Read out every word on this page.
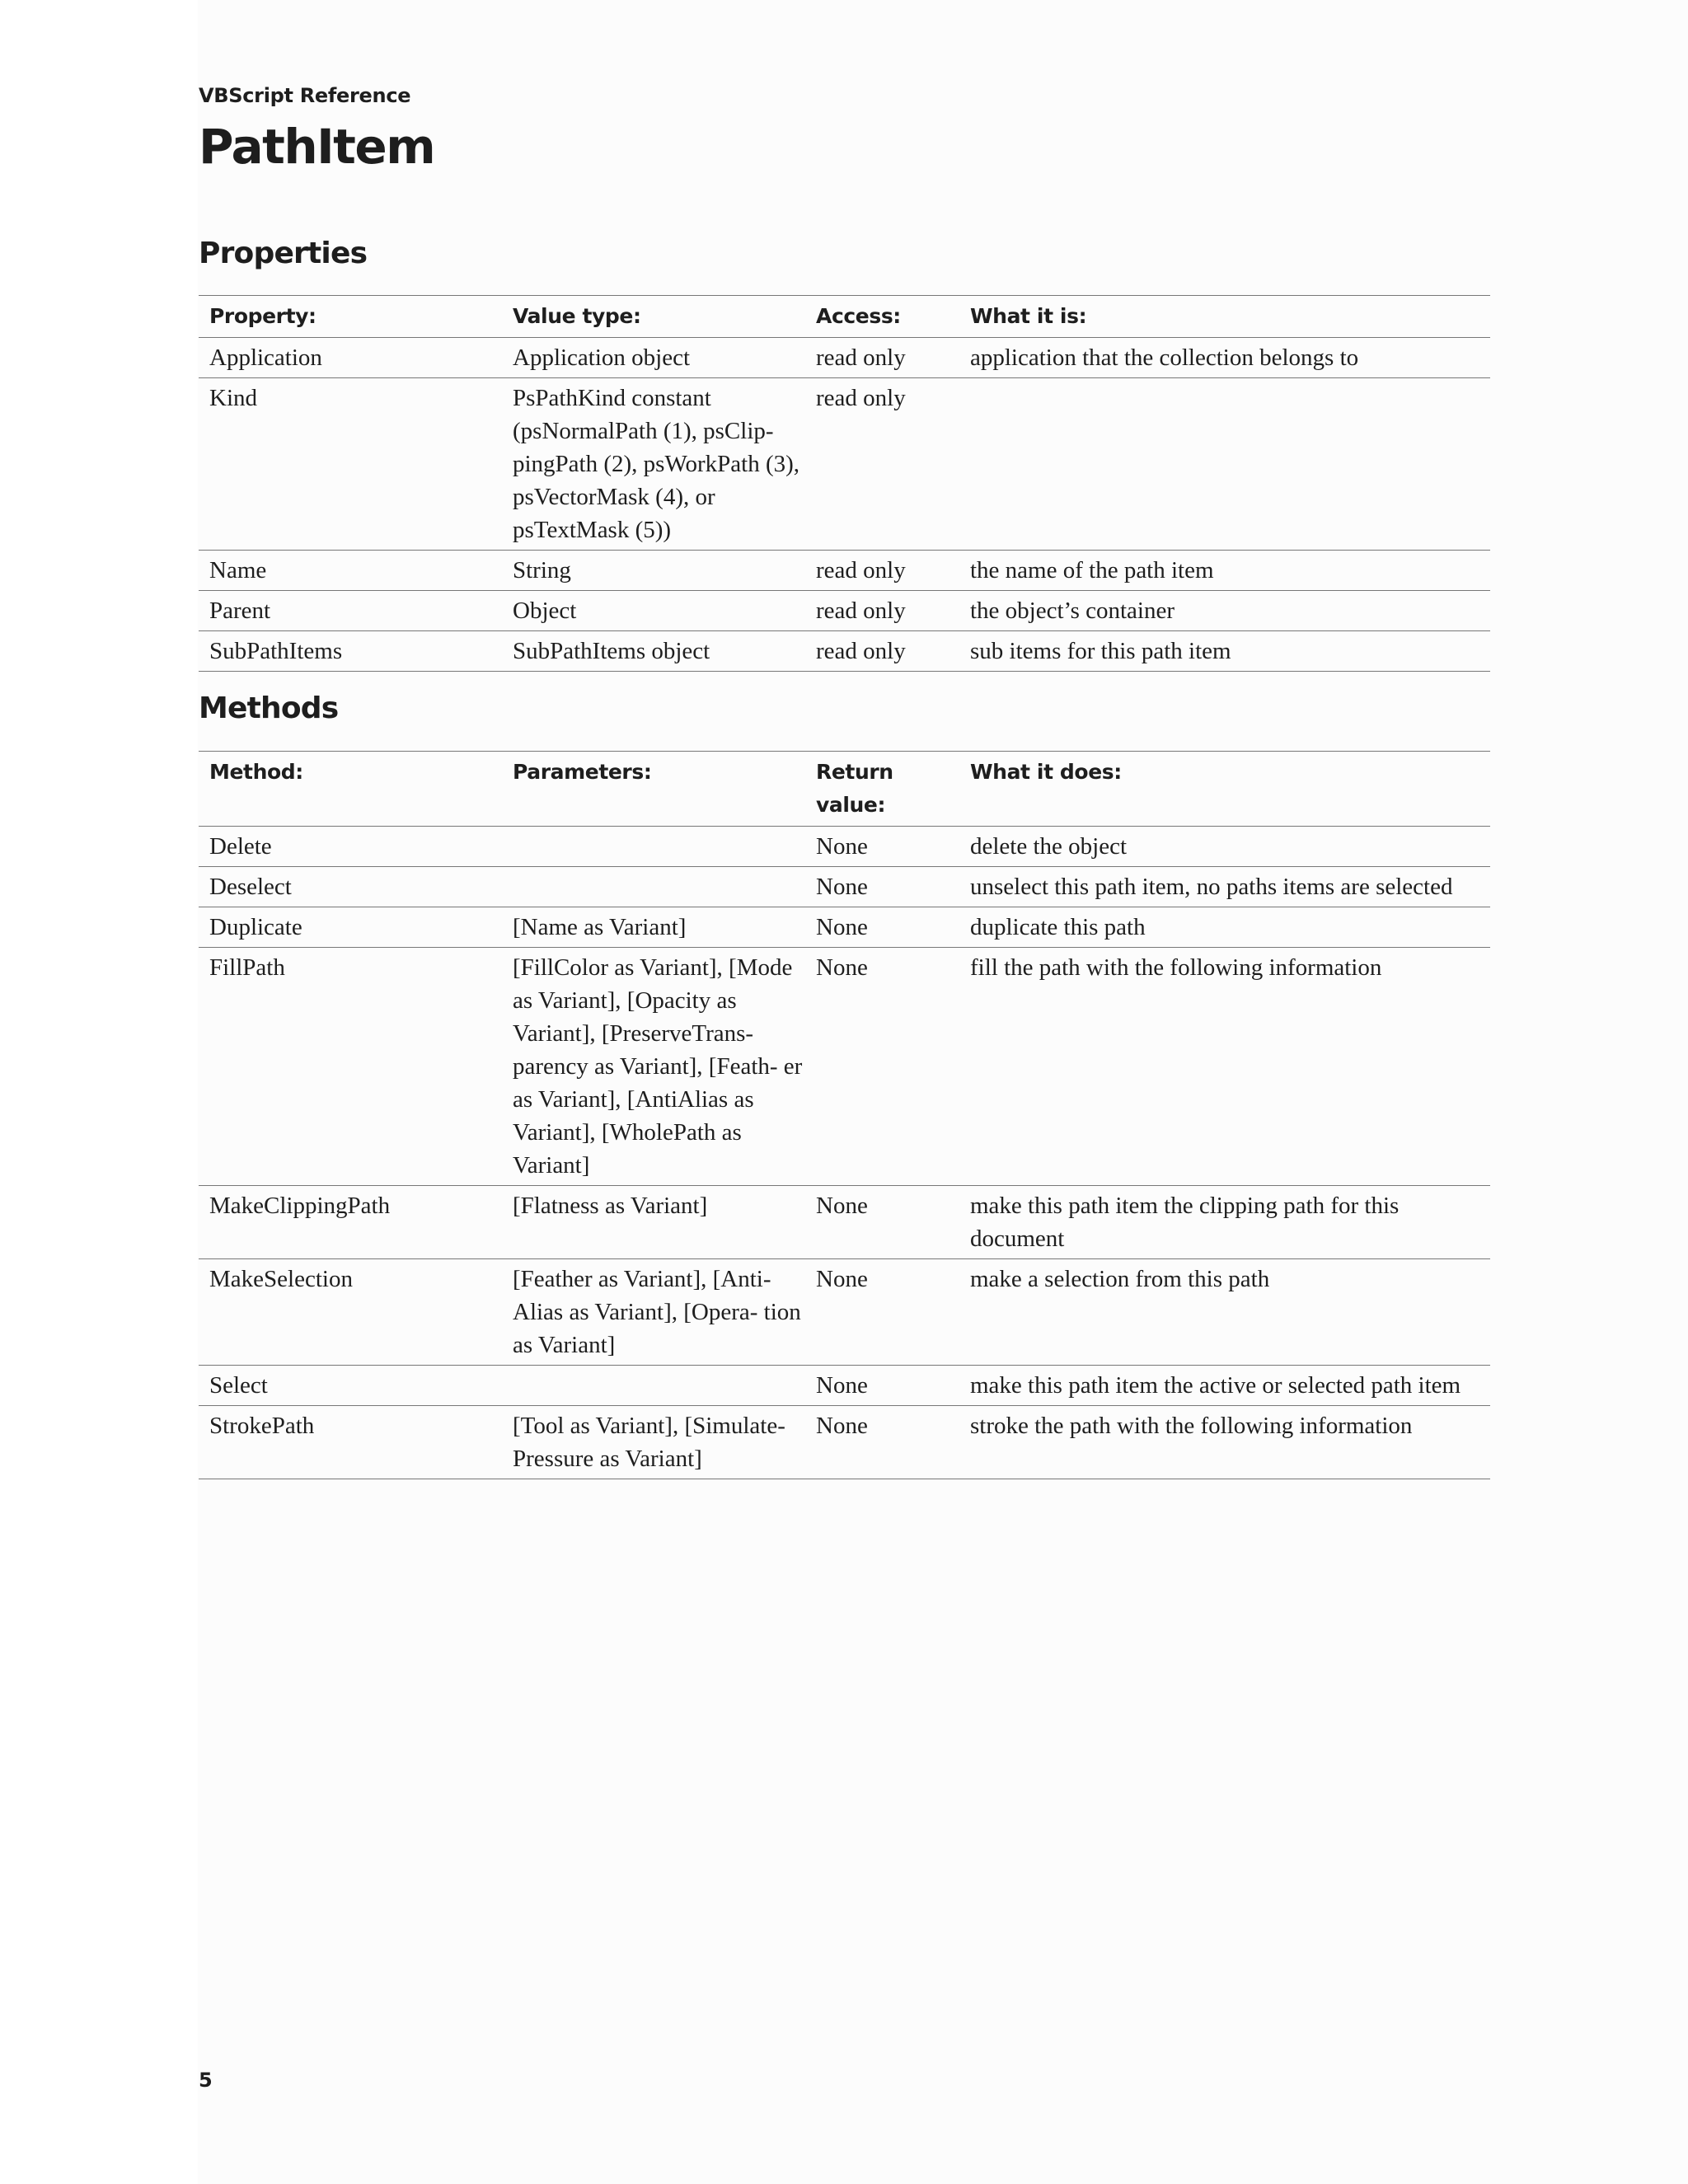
VBScript Reference
PathItem
Properties
Property:	Value type:	Access:	What it is:
Application	Application object	read only	application that the collection belongs to
Kind	PsPathKind constant (psNormalPath (1), psClip- pingPath (2), psWorkPath (3), psVectorMask (4), or psTextMask (5))	read only	
Name	String	read only	the name of the path item
Parent	Object	read only	the object’s container
SubPathItems	SubPathItems object	read only	sub items for this path item
Methods
Method:	Parameters:	Return value:	What it does:
Delete		None	delete the object
Deselect		None	unselect this path item, no paths items are selected
Duplicate	[Name as Variant]	None	duplicate this path
FillPath	[FillColor as Variant], [Mode as Variant], [Opacity as Variant], [PreserveTrans- parency as Variant], [Feath- er as Variant], [AntiAlias as Variant], [WholePath as Variant]	None	fill the path with the following information
MakeClippingPath	[Flatness as Variant]	None	make this path item the clipping path for this document
MakeSelection	[Feather as Variant], [Anti- Alias as Variant], [Opera- tion as Variant]	None	make a selection from this path
Select		None	make this path item the active or selected path item
StrokePath	[Tool as Variant], [Simulate- Pressure as Variant]	None	stroke the path with the following information
5
